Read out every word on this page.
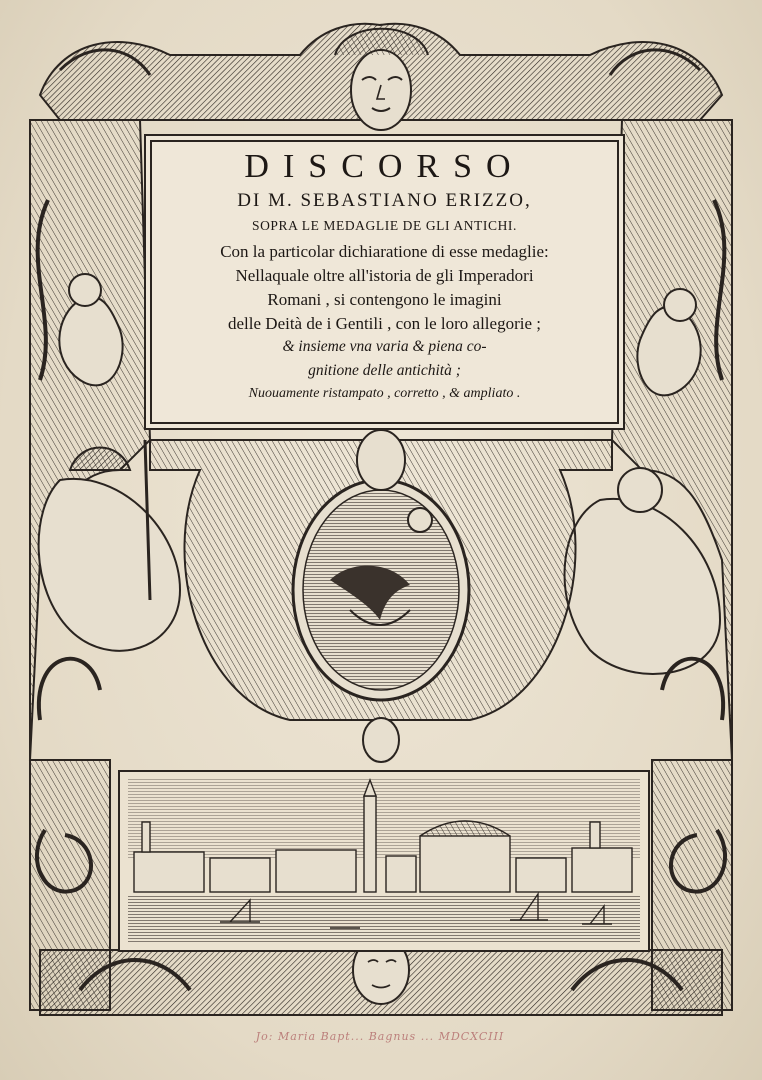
DISCORSO
DI M. SEBASTIANO ERIZZO,
SOPRA LE MEDAGLIE DE GLI ANTICHI.
Con la particolar dichiaratione di esse medaglie:
Nellaquale oltre all'istoria de gli Imperadori
Romani , si contengono le imagini
delle Deità de i Gentili , con le loro allegorie ;
& insieme vna varia & piena co-
gnitione delle antichità ;
Nuouamente ristampato , corretto , & ampliato .
Jo: Maria Bapt... Bagnus ... MDCXCIII
